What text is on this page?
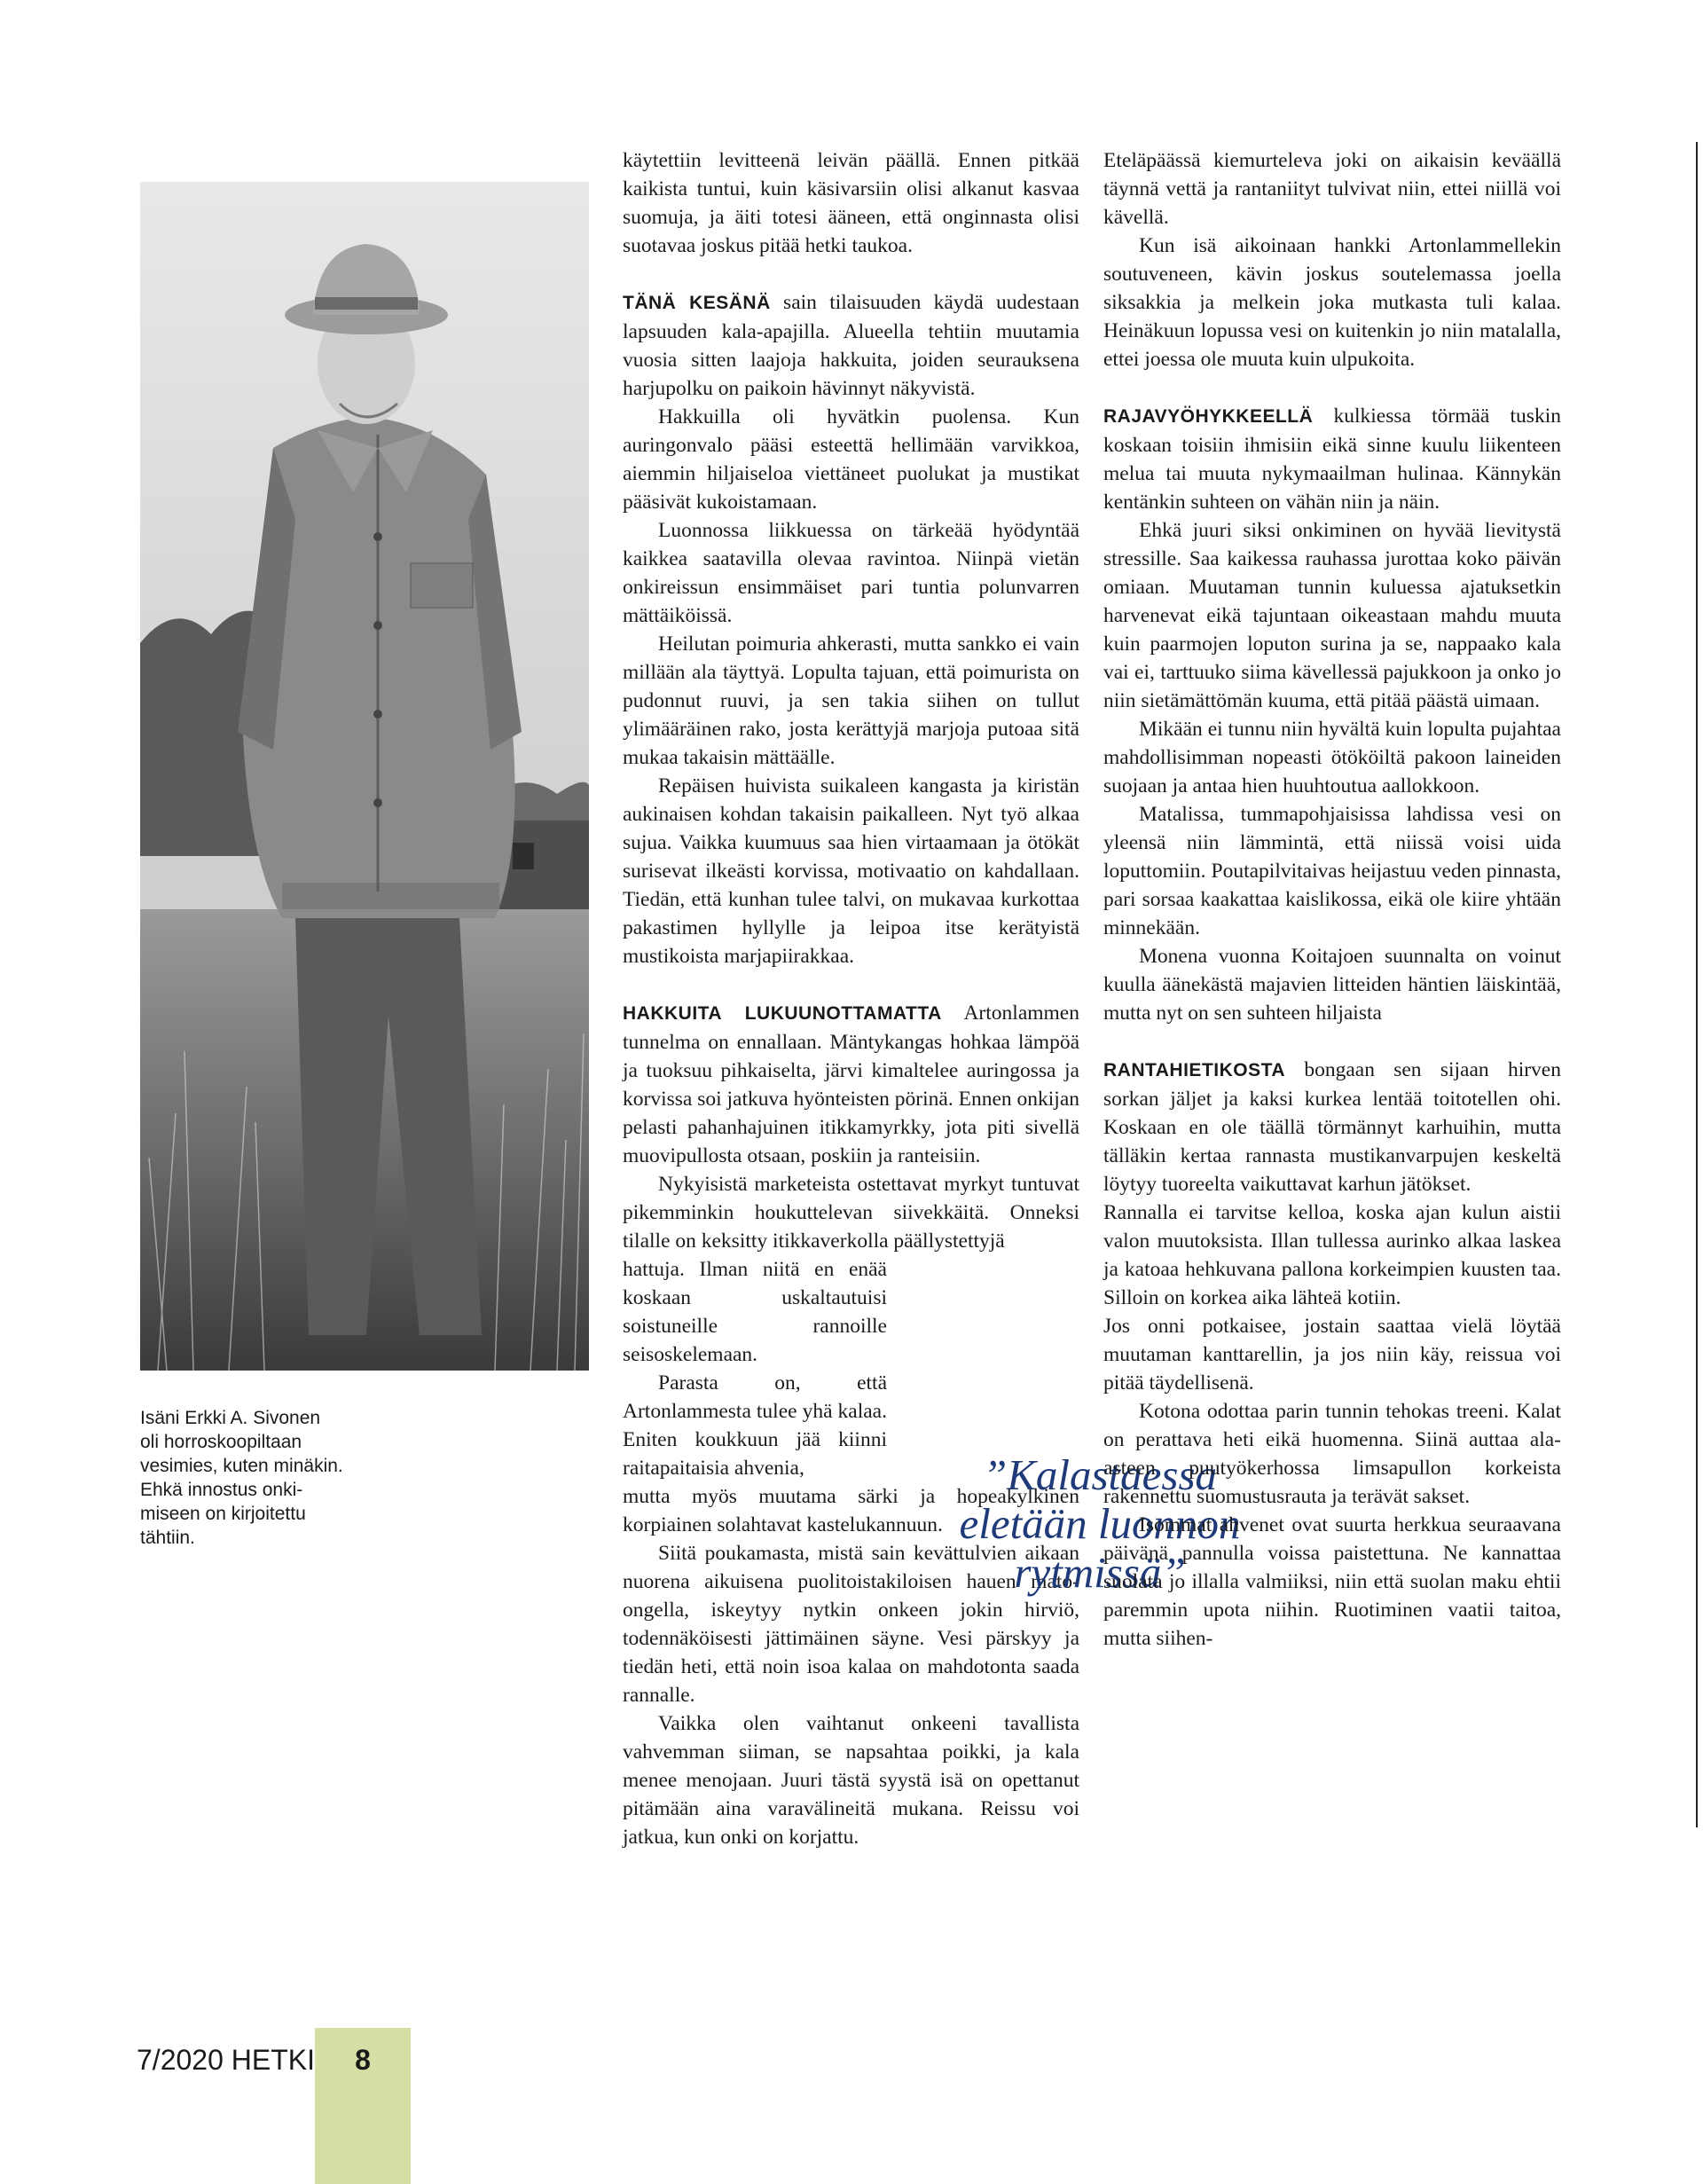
Isäni Erkki A. Sivonen

oli horroskoopiltaan

vesimies, kuten minäkin.

Ehkä innostus onki-

miseen on kirjoitettu

tähtiin.

käytettiin levitteenä leivän päällä. Ennen pitkää kaikista tuntui, kuin käsivarsiin olisi alkanut kasvaa suomuja, ja äiti totesi ääneen, että onginnasta olisi suotavaa joskus pitää hetki taukoa.

TÄNÄ KESÄNÄ sain tilaisuuden käydä uudestaan lapsuuden kala-apajilla. Alueella tehtiin muutamia vuosia sitten laajoja hakkuita, joiden seurauksena harjupolku on paikoin hävinnyt näkyvistä.

Hakkuilla oli hyvätkin puolensa. Kun auringonvalo pääsi esteettä hellimään varvikkoa, aiemmin hiljaiseloa viettäneet puolukat ja mustikat pääsivät kukoistamaan.

Luonnossa liikkuessa on tärkeää hyödyntää kaikkea saatavilla olevaa ravintoa. Niinpä vietän onkireissun ensimmäiset pari tuntia polunvarren mättäiköissä.

Heilutan poimuria ahkerasti, mutta sankko ei vain millään ala täyttyä. Lopulta tajuan, että poimurista on pudonnut ruuvi, ja sen takia siihen on tullut ylimääräinen rako, josta kerättyjä marjoja putoaa sitä mukaa takaisin mättäälle.

Repäisen huivista suikaleen kangasta ja kiristän aukinaisen kohdan takaisin paikalleen. Nyt työ alkaa sujua. Vaikka kuumuus saa hien virtaamaan ja ötökät surisevat ilkeästi korvissa, motivaatio on kahdallaan. Tiedän, että kunhan tulee talvi, on mukavaa kurkottaa pakastimen hyllylle ja leipoa itse kerätyistä mustikoista marjapiirakkaa.

HAKKUITA LUKUUNOTTAMATTA Artonlammen tunnelma on ennallaan. Mäntykangas hohkaa lämpöä ja tuoksuu pihkaiselta, järvi kimaltelee auringossa ja korvissa soi jatkuva hyönteisten pörinä. Ennen onkijan pelasti pahanhajuinen itikkamyrkky, jota piti sivellä muovipullosta otsaan, poskiin ja ranteisiin.

Nykyisistä marketeista ostettavat myrkyt tuntuvat pikemminkin houkuttelevan siivekkäitä. Onneksi tilalle on keksitty itikkaverkolla päällystettyjä

hattuja. Ilman niitä en enää koskaan uskaltautuisi soistuneille rannoille seisoskelemaan.

Parasta on, että Artonlammesta tulee yhä kalaa. Eniten koukkuun jää kiinni raitapaitaisia ahvenia,

mutta myös muutama särki ja hopeakylkinen korpiainen solahtavat kastelukannuun.

Siitä poukamasta, mistä sain kevättulvien aikaan nuorena aikuisena puolitoistakiloisen hauen mato-ongella, iskeytyy nytkin onkeen jokin hirviö, todennäköisesti jättimäinen säyne. Vesi pärskyy ja tiedän heti, että noin isoa kalaa on mahdotonta saada rannalle.

Vaikka olen vaihtanut onkeeni tavallista vahvemman siiman, se napsahtaa poikki, ja kala menee menojaan. Juuri tästä syystä isä on opettanut pitämään aina varavälineitä mukana. Reissu voi jatkua, kun onki on korjattu.

”Kalastaessa

eletään luonnon

rytmissä”

Eteläpäässä kiemurteleva joki on aikaisin keväällä täynnä vettä ja rantaniityt tulvivat niin, ettei niillä voi kävellä.

Kun isä aikoinaan hankki Artonlammellekin soutuveneen, kävin joskus soutelemassa joella siksakkia ja melkein joka mutkasta tuli kalaa. Heinäkuun lopussa vesi on kuitenkin jo niin matalalla, ettei joessa ole muuta kuin ulpukoita.

RAJAVYÖHYKKEELLÄ kulkiessa törmää tuskin koskaan toisiin ihmisiin eikä sinne kuulu liikenteen melua tai muuta nykymaailman hulinaa. Kännykän kentänkin suhteen on vähän niin ja näin.

Ehkä juuri siksi onkiminen on hyvää lievitystä stressille. Saa kaikessa rauhassa jurottaa koko päivän omiaan. Muutaman tunnin kuluessa ajatuksetkin harvenevat eikä tajuntaan oikeastaan mahdu muuta kuin paarmojen loputon surina ja se, nappaako kala vai ei, tarttuuko siima kävellessä pajukkoon ja onko jo niin sietämättömän kuuma, että pitää päästä uimaan.

Mikään ei tunnu niin hyvältä kuin lopulta pujahtaa mahdollisimman nopeasti ötököiltä pakoon laineiden suojaan ja antaa hien huuhtoutua aallokkoon.

Matalissa, tummapohjaisissa lahdissa vesi on yleensä niin lämmintä, että niissä voisi uida loputtomiin. Poutapilvitaivas heijastuu veden pinnasta, pari sorsaa kaakattaa kaislikossa, eikä ole kiire yhtään minnekään.

Monena vuonna Koitajoen suunnalta on voinut kuulla äänekästä majavien litteiden häntien läiskintää, mutta nyt on sen suhteen hiljaista

RANTAHIETIKOSTA bongaan sen sijaan hirven sorkan jäljet ja kaksi kurkea lentää toitotellen ohi. Koskaan en ole täällä törmännyt karhuihin, mutta tälläkin kertaa rannasta mustikanvarpujen keskeltä löytyy tuoreelta vaikuttavat karhun jätökset.

Rannalla ei tarvitse kelloa, koska ajan kulun aistii valon muutoksista. Illan tullessa aurinko alkaa laskea ja katoaa hehkuvana pallona korkeimpien kuusten taa. Silloin on korkea aika lähteä kotiin.

Jos onni potkaisee, jostain saattaa vielä löytää muutaman kanttarellin, ja jos niin käy, reissua voi pitää täydellisenä.

Kotona odottaa parin tunnin tehokas treeni. Kalat on perattava heti eikä huomenna. Siinä auttaa ala-asteen puutyökerhossa limsapullon korkeista rakennettu suomustusrauta ja terävät sakset.

Isommat ahvenet ovat suurta herkkua seuraavana päivänä pannulla voissa paistettuna. Ne kannattaa suolata jo illalla valmiiksi, niin että suolan maku ehtii paremmin upota niihin. Ruotiminen vaatii taitoa, mutta siihen-

7/2020 HETKI	8
